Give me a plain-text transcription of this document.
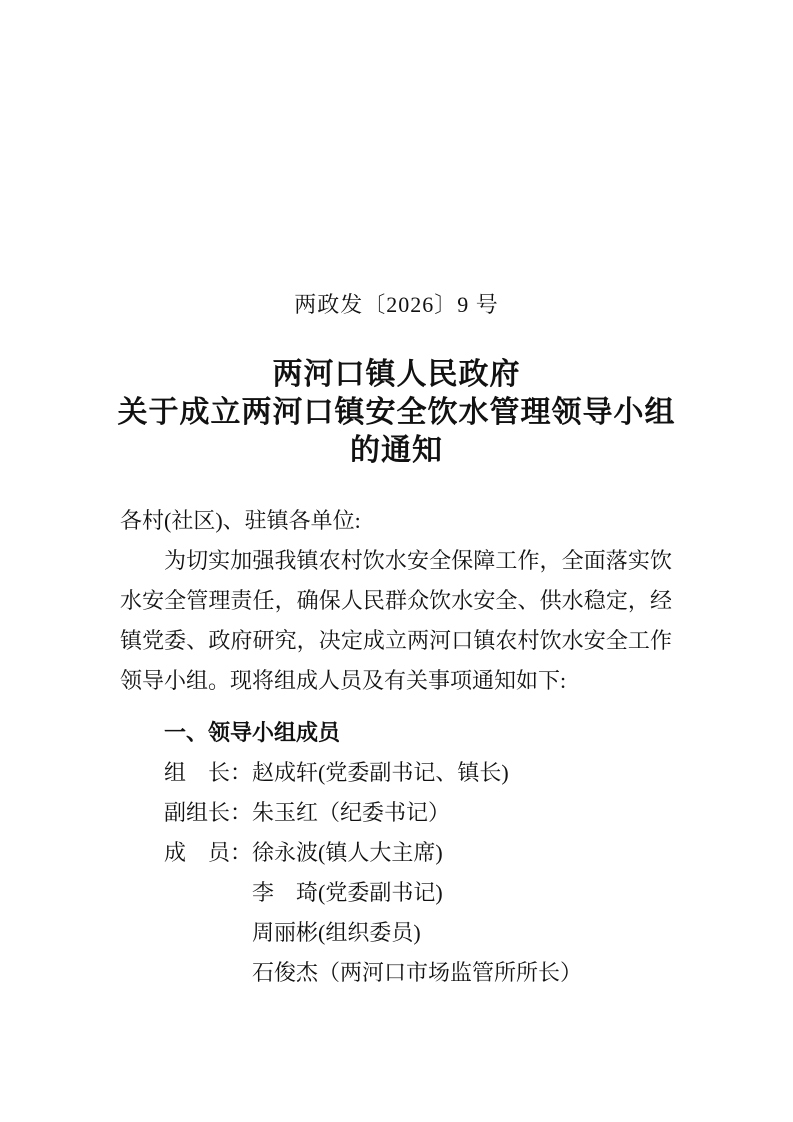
两政发〔2026〕9 号
两河口镇人民政府
关于成立两河口镇安全饮水管理领导小组
的通知
各村(社区)、驻镇各单位:
为切实加强我镇农村饮水安全保障工作，全面落实饮水安全管理责任，确保人民群众饮水安全、供水稳定，经镇党委、政府研究，决定成立两河口镇农村饮水安全工作领导小组。现将组成人员及有关事项通知如下:
一、领导小组成员
组　长：赵成轩(党委副书记、镇长)
副组长：朱玉红（纪委书记）
成　员：徐永波(镇人大主席)
李　琦(党委副书记)
周丽彬(组织委员)
石俊杰（两河口市场监管所所长）
